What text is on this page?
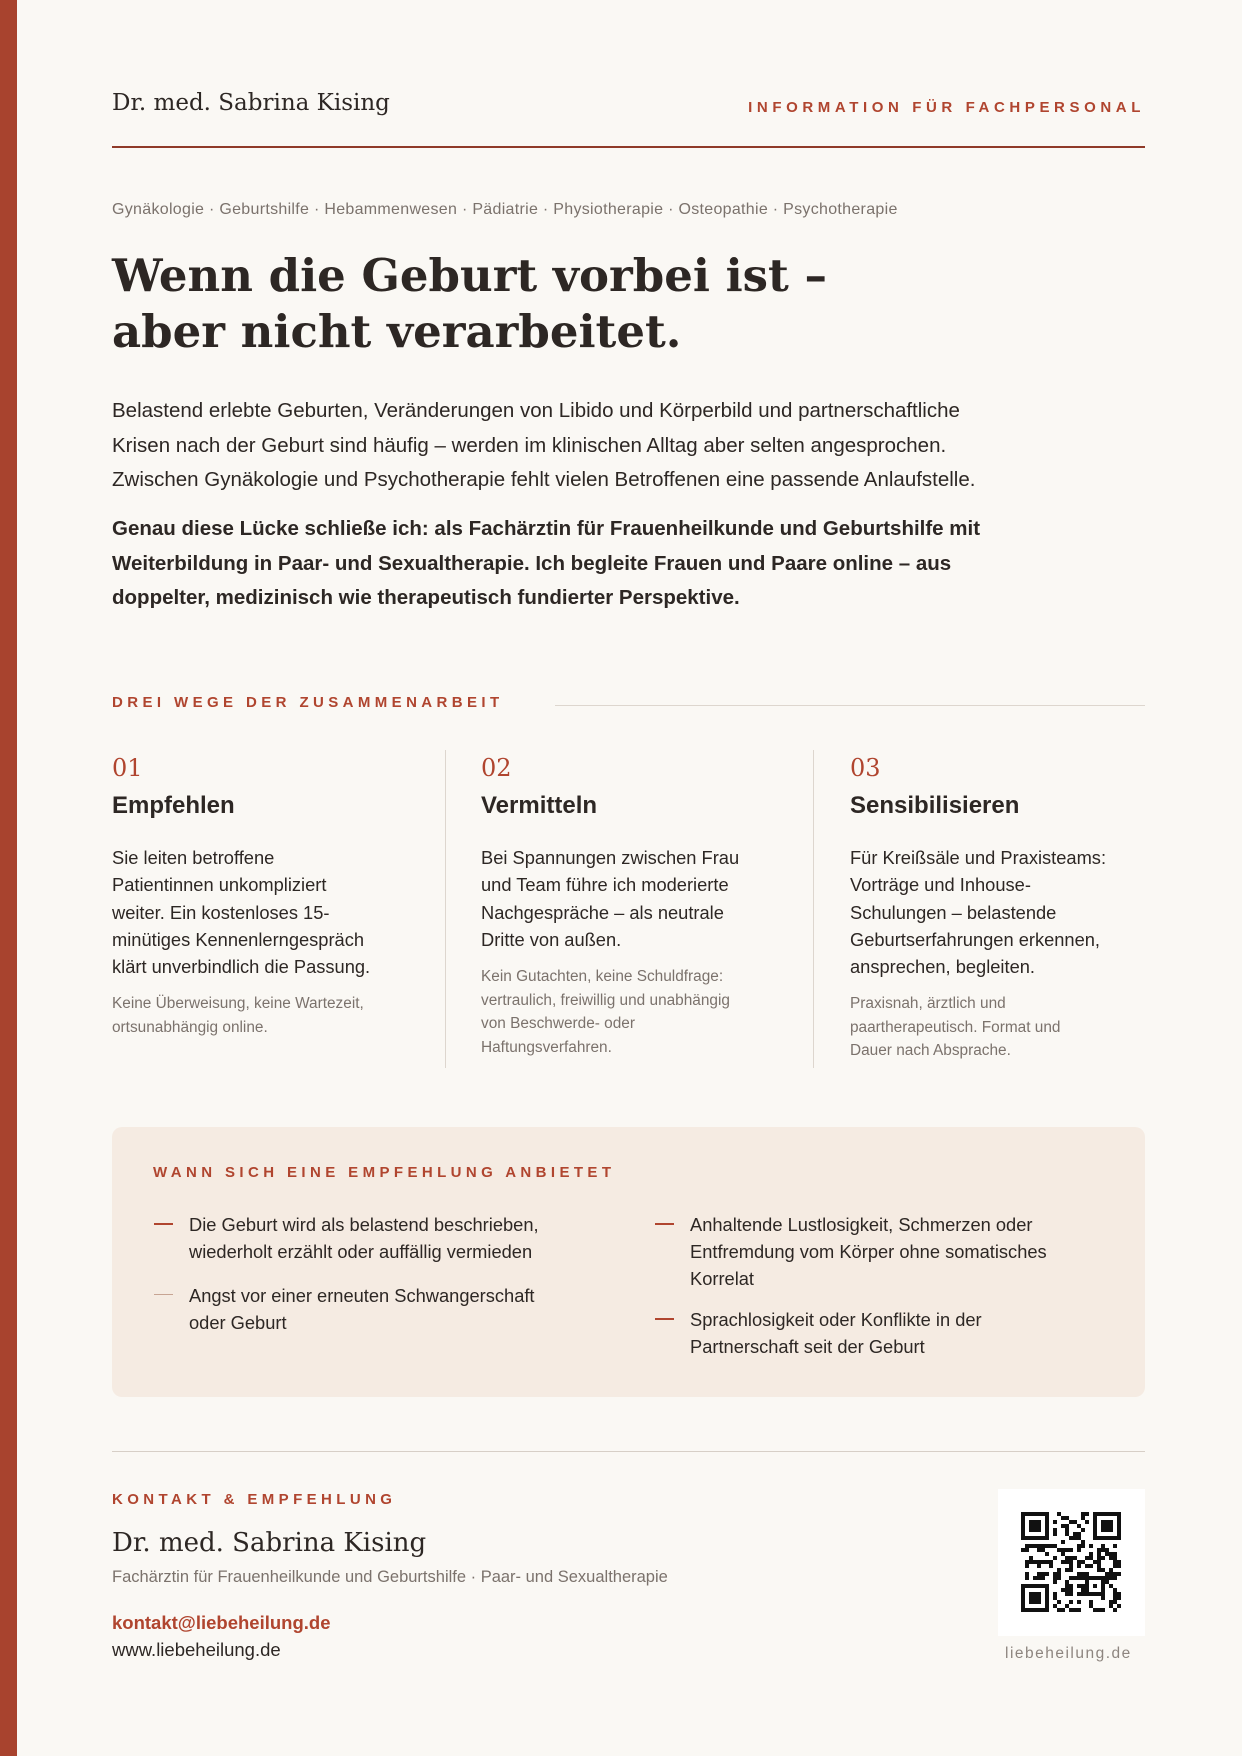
Dr. med. Sabrina Kising	INFORMATION FÜR FACHPERSONAL
Gynäkologie · Geburtshilfe · Hebammenwesen · Pädiatrie · Physiotherapie · Osteopathie · Psychotherapie
Wenn die Geburt vorbei ist –
aber nicht verarbeitet.

Belastend erlebte Geburten, Veränderungen von Libido und Körperbild und partnerschaftliche
Krisen nach der Geburt sind häufig – werden im klinischen Alltag aber selten angesprochen.
Zwischen Gynäkologie und Psychotherapie fehlt vielen Betroffenen eine passende Anlaufstelle.

Genau diese Lücke schließe ich: als Fachärztin für Frauenheilkunde und Geburtshilfe mit
Weiterbildung in Paar- und Sexualtherapie. Ich begleite Frauen und Paare online – aus
doppelter, medizinisch wie therapeutisch fundierter Perspektive.

DREI WEGE DER ZUSAMMENARBEIT
01
Empfehlen
Sie leiten betroffene
Patientinnen unkompliziert
weiter. Ein kostenloses 15-
minütiges Kennenlerngespräch
klärt unverbindlich die Passung.
Keine Überweisung, keine Wartezeit,
ortsunabhängig online.
02
Vermitteln
Bei Spannungen zwischen Frau
und Team führe ich moderierte
Nachgespräche – als neutrale
Dritte von außen.
Kein Gutachten, keine Schuldfrage:
vertraulich, freiwillig und unabhängig
von Beschwerde- oder
Haftungsverfahren.
03
Sensibilisieren
Für Kreißsäle und Praxisteams:
Vorträge und Inhouse-
Schulungen – belastende
Geburtserfahrungen erkennen,
ansprechen, begleiten.
Praxisnah, ärztlich und
paartherapeutisch. Format und
Dauer nach Absprache.
WANN SICH EINE EMPFEHLUNG ANBIETET
Die Geburt wird als belastend beschrieben,
wiederholt erzählt oder auffällig vermieden
Angst vor einer erneuten Schwangerschaft
oder Geburt
Anhaltende Lustlosigkeit, Schmerzen oder
Entfremdung vom Körper ohne somatisches
Korrelat
Sprachlosigkeit oder Konflikte in der
Partnerschaft seit der Geburt
KONTAKT & EMPFEHLUNG
Dr. med. Sabrina Kising
Fachärztin für Frauenheilkunde und Geburtshilfe · Paar- und Sexualtherapie
kontakt@liebeheilung.de
www.liebeheilung.de	liebeheilung.de
